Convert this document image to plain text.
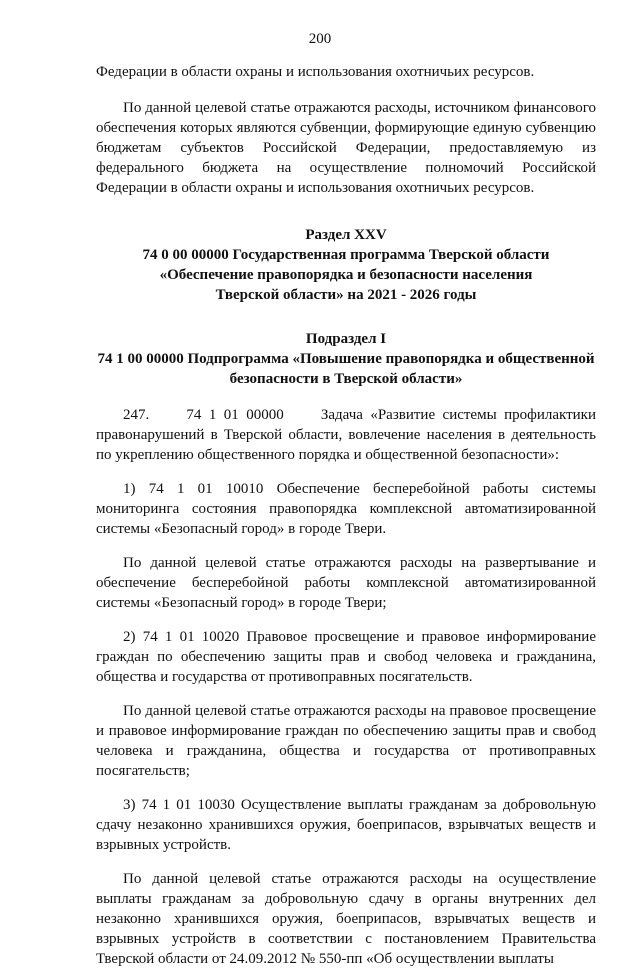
200

Федерации в области охраны и использования охотничьих ресурсов.

По данной целевой статье отражаются расходы, источником финансового обеспечения которых являются субвенции, формирующие единую субвенцию бюджетам субъектов Российской Федерации, предоставляемую из федерального бюджета на осуществление полномочий Российской Федерации в области охраны и использования охотничьих ресурсов.

Раздел XXV

74 0 00 00000 Государственная программа Тверской области

«Обеспечение правопорядка и безопасности населения

Тверской области» на 2021 - 2026 годы

Подраздел I

74 1 00 00000 Подпрограмма «Повышение правопорядка и общественной

безопасности в Тверской области»

247.     74 1 01 00000     Задача «Развитие системы профилактики правонарушений в Тверской области, вовлечение населения в деятельность по укреплению общественного порядка и общественной безопасности»:

1) 74 1 01 10010 Обеспечение бесперебойной работы системы мониторинга состояния правопорядка комплексной автоматизированной системы «Безопасный город» в городе Твери.

По данной целевой статье отражаются расходы на развертывание и обеспечение бесперебойной работы комплексной автоматизированной системы «Безопасный город» в городе Твери;

2) 74 1 01 10020 Правовое просвещение и правовое информирование граждан по обеспечению защиты прав и свобод человека и гражданина, общества и государства от противоправных посягательств.

По данной целевой статье отражаются расходы на правовое просвещение и правовое информирование граждан по обеспечению защиты прав и свобод человека и гражданина, общества и государства от противоправных посягательств;

3) 74 1 01 10030 Осуществление выплаты гражданам за добровольную сдачу незаконно хранившихся оружия, боеприпасов, взрывчатых веществ и взрывных устройств.

По данной целевой статье отражаются расходы на осуществление выплаты гражданам за добровольную сдачу в органы внутренних дел незаконно хранившихся оружия, боеприпасов, взрывчатых веществ и взрывных устройств в соответствии с постановлением Правительства Тверской области от 24.09.2012 № 550-пп «Об осуществлении выплаты
